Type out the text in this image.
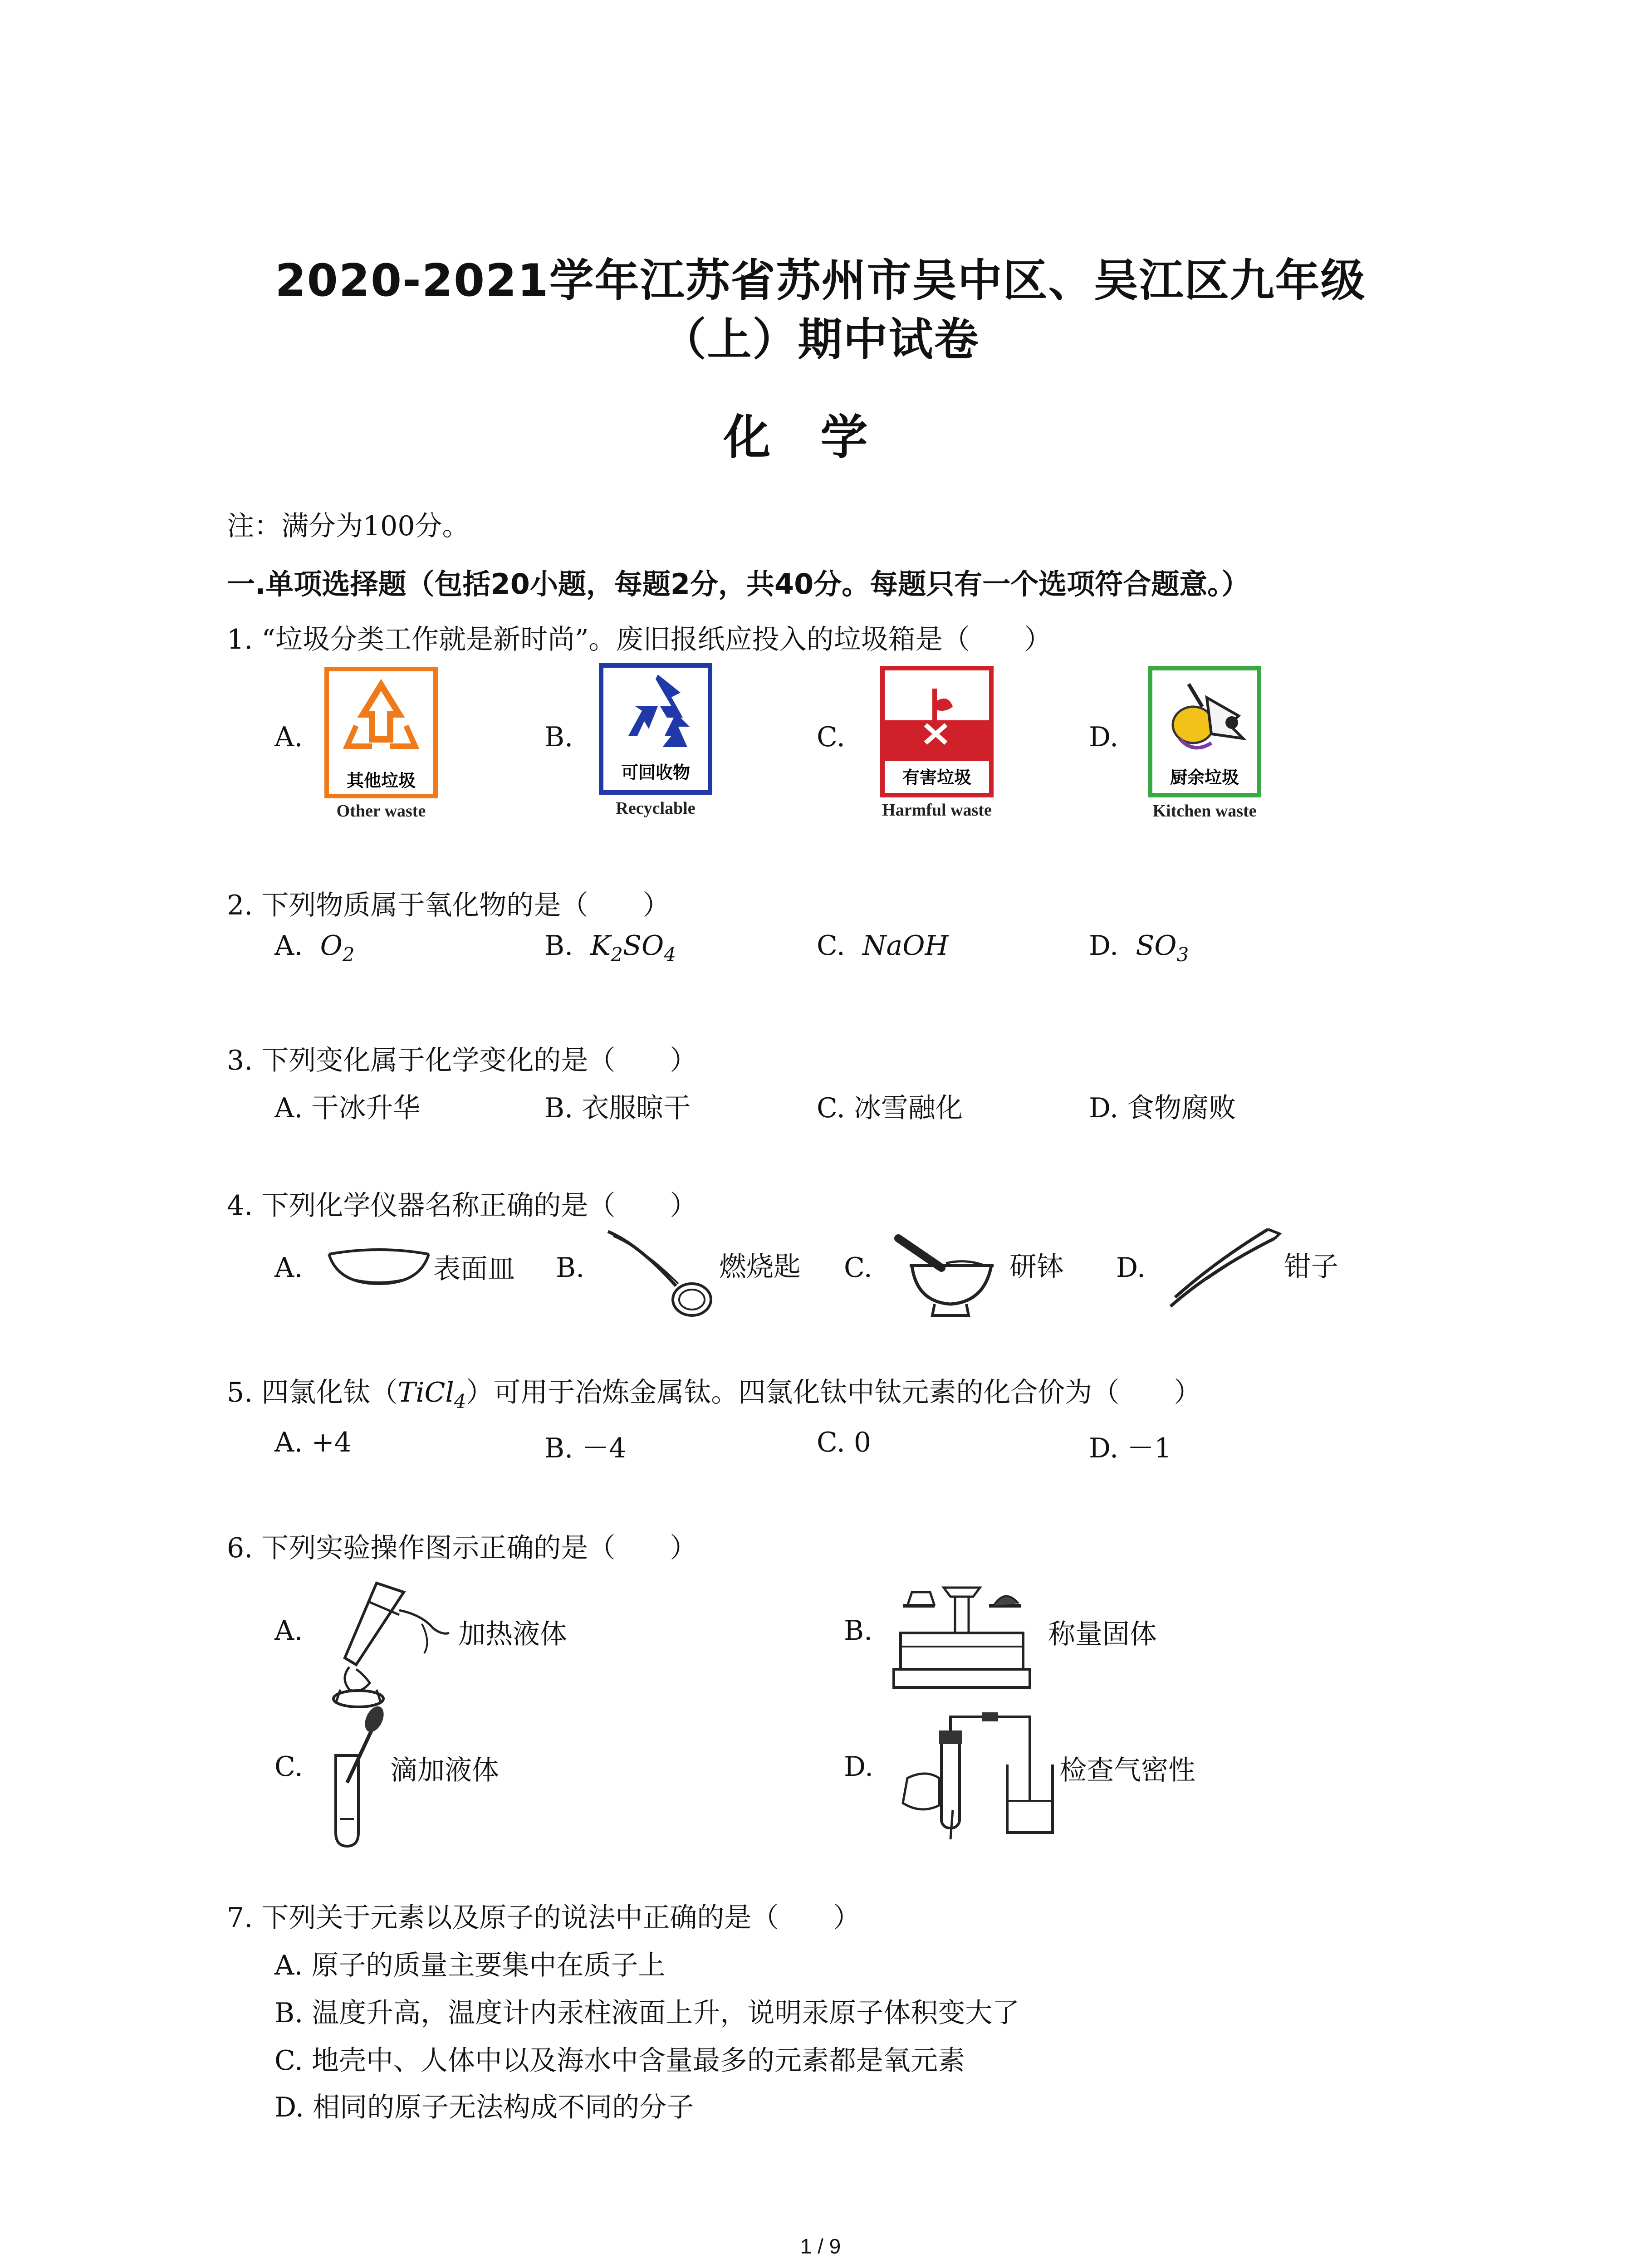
2020-2021学年江苏省苏州市吴中区、吴江区九年级
（上）期中试卷
化学
注：满分为100分。
一.单项选择题（包括20小题，每题2分，共40分。每题只有一个选项符合题意。）
1. “垃圾分类工作就是新时尚”。废旧报纸应投入的垃圾箱是（　　）
A.
其他垃圾
Other waste
B.
可回收物
Recyclable
C.
有害垃圾
Harmful waste
D.
厨余垃圾
Kitchen waste
2. 下列物质属于氧化物的是（　　）
A. $O_2$	B. $K_2SO_4$	C. NaOH	D. $SO_3$
3. 下列变化属于化学变化的是（　　）
A. 干冰升华	B. 衣服晾干	C. 冰雪融化	D. 食物腐败
4. 下列化学仪器名称正确的是（　　）
A.	表面皿 B.	燃烧匙 C.	研钵 D.	钳子
5. 四氯化钛（TiCl$_4$）可用于冶炼金属钛。四氯化钛中钛元素的化合价为（　　）
A. +4	B. －4	C. 0	D. －1
6. 下列实验操作图示正确的是（　　）
A.	加热液体	B.	称量固体
C.	滴加液体	D.	检查气密性
7. 下列关于元素以及原子的说法中正确的是（　　）
A. 原子的质量主要集中在质子上
B. 温度升高，温度计内汞柱液面上升，说明汞原子体积变大了
C. 地壳中、人体中以及海水中含量最多的元素都是氧元素
D. 相同的原子无法构成不同的分子
1 / 9
